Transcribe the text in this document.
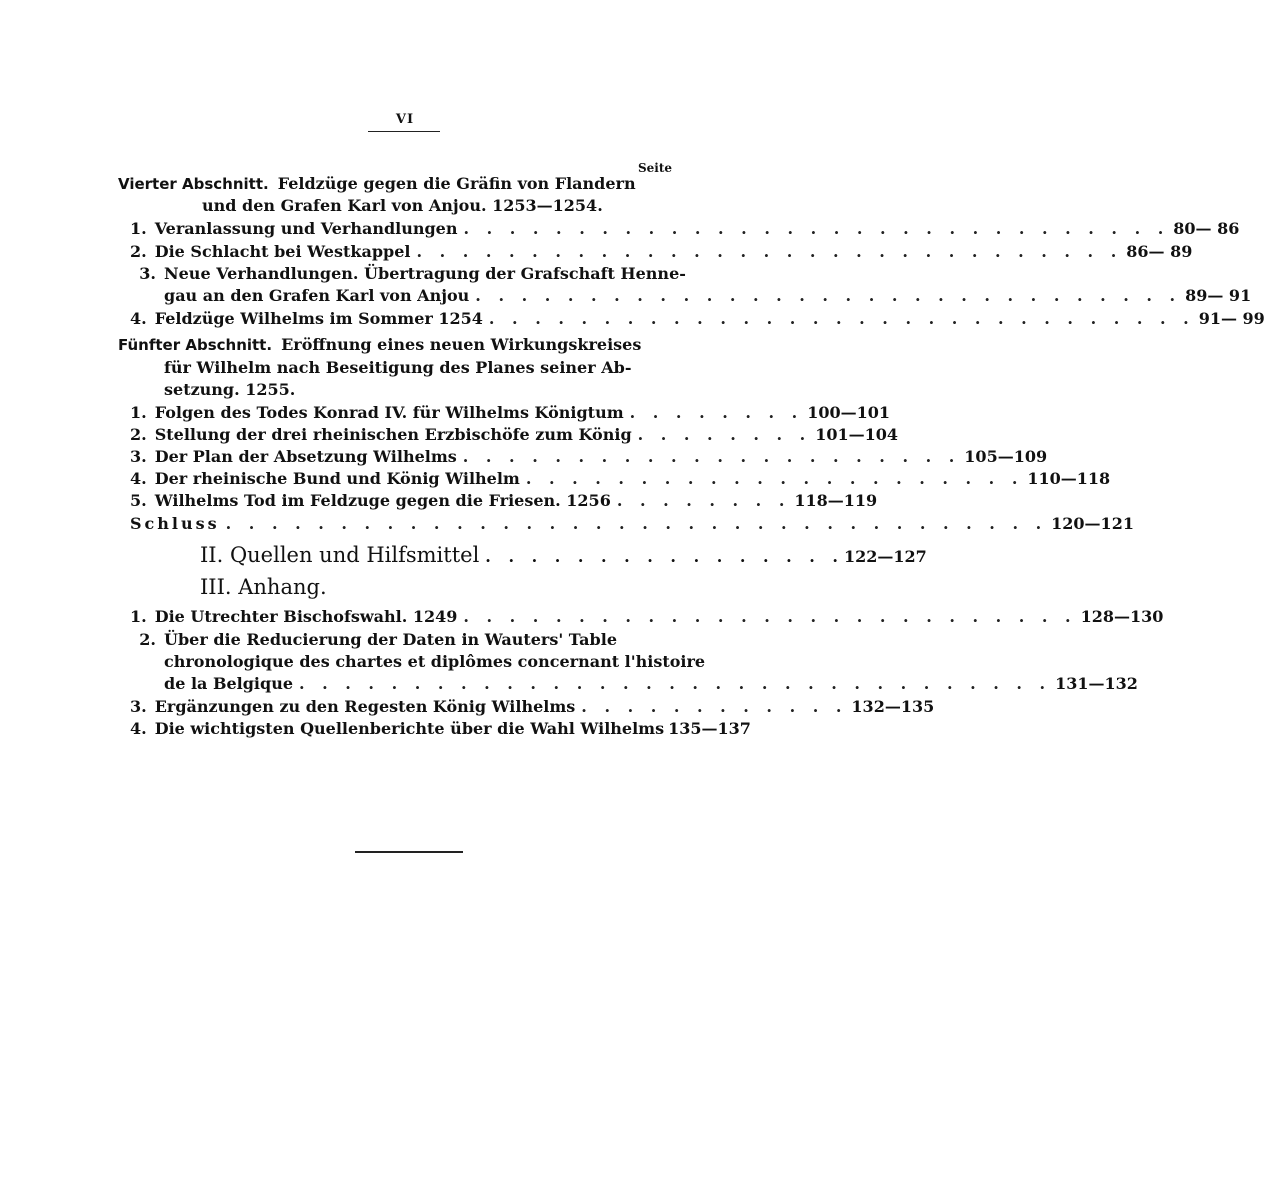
VI
Seite
Vierter Abschnitt. Feldzüge gegen die Gräfin von Flandern
und den Grafen Karl von Anjou. 1253—1254.
1. Veranlassung und Verhandlungen . . . . . . . . . . . . . . . . . . . . . . . . . . . . . . . 80— 86
2. Die Schlacht bei Westkappel . . . . . . . . . . . . . . . . . . . . . . . . . . . . . . . 86— 89
3. Neue Verhandlungen. Übertragung der Grafschaft Henne-
gau an den Grafen Karl von Anjou . . . . . . . . . . . . . . . . . . . . . . . . . . . . . . . 89— 91
4. Feldzüge Wilhelms im Sommer 1254 . . . . . . . . . . . . . . . . . . . . . . . . . . . . . . . 91— 99
Fünfter Abschnitt. Eröffnung eines neuen Wirkungskreises
für Wilhelm nach Beseitigung des Planes seiner Ab-
setzung. 1255.
1. Folgen des Todes Konrad IV. für Wilhelms Königtum . . . . . . . . 100—101
2. Stellung der drei rheinischen Erzbischöfe zum König . . . . . . . . 101—104
3. Der Plan der Absetzung Wilhelms . . . . . . . . . . . . . . . . . . . . . . 105—109
4. Der rheinische Bund und König Wilhelm . . . . . . . . . . . . . . . . . . . . . . 110—118
5. Wilhelms Tod im Feldzuge gegen die Friesen. 1256 . . . . . . . . 118—119
Schluss . . . . . . . . . . . . . . . . . . . . . . . . . . . . . . . . . . . . 120—121
II. Quellen und Hilfsmittel . . . . . . . . . . . . . . . . 122—127
III. Anhang.
1. Die Utrechter Bischofswahl. 1249 . . . . . . . . . . . . . . . . . . . . . . . . . . . 128—130
2. Über die Reducierung der Daten in Wauters' Table
chronologique des chartes et diplômes concernant l'histoire
de la Belgique . . . . . . . . . . . . . . . . . . . . . . . . . . . . . . . . . 131—132
3. Ergänzungen zu den Regesten König Wilhelms . . . . . . . . . . . . 132—135
4. Die wichtigsten Quellenberichte über die Wahl Wilhelms 135—137
